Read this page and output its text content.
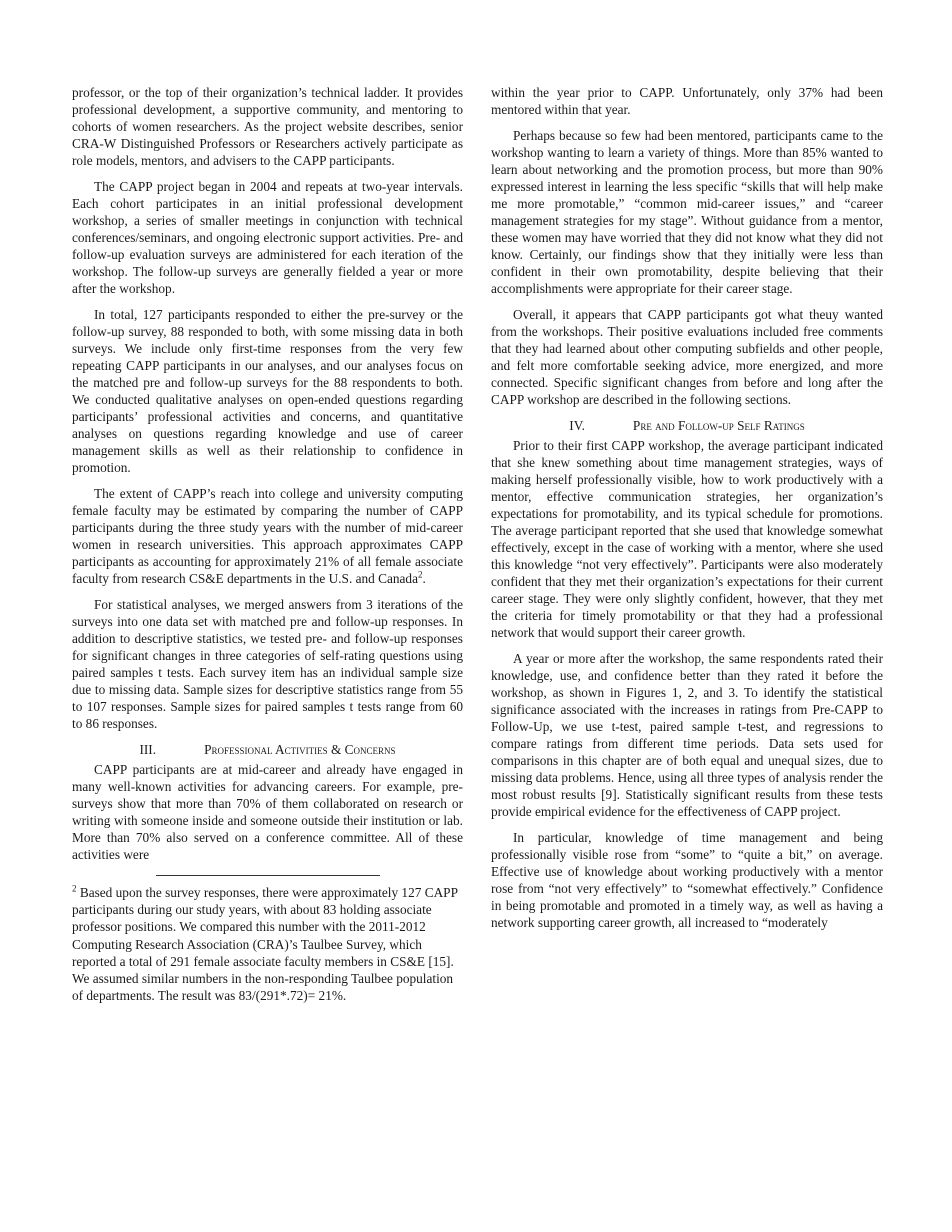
professor, or the top of their organization’s technical ladder. It provides professional development, a supportive community, and mentoring to cohorts of women researchers. As the project website describes, senior CRA-W Distinguished Professors or Researchers actively participate as role models, mentors, and advisers to the CAPP participants.

The CAPP project began in 2004 and repeats at two-year intervals. Each cohort participates in an initial professional development workshop, a series of smaller meetings in conjunction with technical conferences/seminars, and ongoing electronic support activities. Pre- and follow-up evaluation surveys are administered for each iteration of the workshop. The follow-up surveys are generally fielded a year or more after the workshop.

In total, 127 participants responded to either the pre-survey or the follow-up survey, 88 responded to both, with some missing data in both surveys. We include only first-time responses from the very few repeating CAPP participants in our analyses, and our analyses focus on the matched pre and follow-up surveys for the 88 respondents to both. We conducted qualitative analyses on open-ended questions regarding participants’ professional activities and concerns, and quantitative analyses on questions regarding knowledge and use of career management skills as well as their relationship to confidence in promotion.

The extent of CAPP’s reach into college and university computing female faculty may be estimated by comparing the number of CAPP participants during the three study years with the number of mid-career women in research universities. This approach approximates CAPP participants as accounting for approximately 21% of all female associate faculty from research CS&E departments in the U.S. and Canada$^2$.

For statistical analyses, we merged answers from 3 iterations of the surveys into one data set with matched pre and follow-up responses. In addition to descriptive statistics, we tested pre- and follow-up responses for significant changes in three categories of self-rating questions using paired samples t tests. Each survey item has an individual sample size due to missing data. Sample sizes for descriptive statistics range from 55 to 107 responses. Sample sizes for paired samples t tests range from 60 to 86 responses.

III.	Professional Activities & Concerns

CAPP participants are at mid-career and already have engaged in many well-known activities for advancing careers. For example, pre-surveys show that more than 70% of them collaborated on research or writing with someone inside and someone outside their institution or lab. More than 70% also served on a conference committee. All of these activities were

$^2$ Based upon the survey responses, there were approximately 127 CAPP participants during our study years, with about 83 holding associate professor positions. We compared this number with the 2011-2012 Computing Research Association (CRA)’s Taulbee Survey, which reported a total of 291 female associate faculty members in CS&E [15]. We assumed similar numbers in the non-responding Taulbee population of departments. The result was 83/(291*.72)= 21%.

within the year prior to CAPP. Unfortunately, only 37% had been mentored within that year.

Perhaps because so few had been mentored, participants came to the workshop wanting to learn a variety of things. More than 85% wanted to learn about networking and the promotion process, but more than 90% expressed interest in learning the less specific “skills that will help make me more promotable,” “common mid-career issues,” and “career management strategies for my stage”. Without guidance from a mentor, these women may have worried that they did not know what they did not know. Certainly, our findings show that they initially were less than confident in their own promotability, despite believing that their accomplishments were appropriate for their career stage.

Overall, it appears that CAPP participants got what theuy wanted from the workshops. Their positive evaluations included free comments that they had learned about other computing subfields and other people, and felt more comfortable seeking advice, more energized, and more connected. Specific significant changes from before and long after the CAPP workshop are described in the following sections.

IV.	Pre and Follow-up Self Ratings

Prior to their first CAPP workshop, the average participant indicated that she knew something about time management strategies, ways of making herself professionally visible, how to work productively with a mentor, effective communication strategies, her organization’s expectations for promotability, and its typical schedule for promotions. The average participant reported that she used that knowledge somewhat effectively, except in the case of working with a mentor, where she used this knowledge “not very effectively”. Participants were also moderately confident that they met their organization’s expectations for their current career stage. They were only slightly confident, however, that they met the criteria for timely promotability or that they had a professional network that would support their career growth.

A year or more after the workshop, the same respondents rated their knowledge, use, and confidence better than they rated it before the workshop, as shown in Figures 1, 2, and 3. To identify the statistical significance associated with the increases in ratings from Pre-CAPP to Follow-Up, we use t-test, paired sample t-test, and regressions to compare ratings from different time periods. Data sets used for comparisons in this chapter are of both equal and unequal sizes, due to missing data problems. Hence, using all three types of analysis render the most robust results [9]. Statistically significant results from these tests provide empirical evidence for the effectiveness of CAPP project.

In particular, knowledge of time management and being professionally visible rose from “some” to “quite a bit,” on average. Effective use of knowledge about working productively with a mentor rose from “not very effectively” to “somewhat effectively.” Confidence in being promotable and promoted in a timely way, as well as having a network supporting career growth, all increased to “moderately
